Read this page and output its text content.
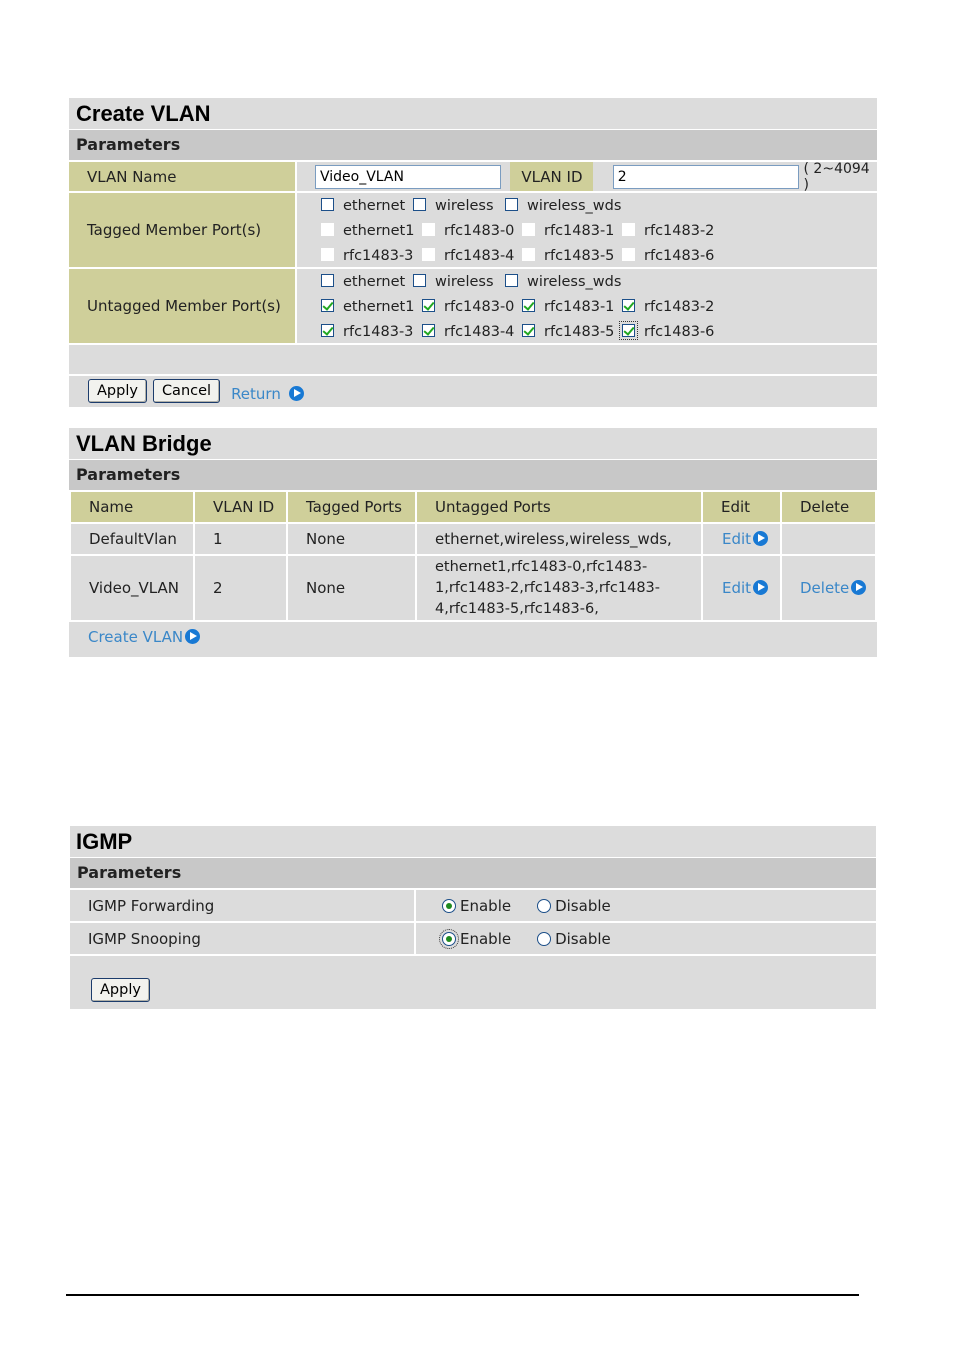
Create VLAN
Parameters
VLAN Name	Video_VLAN	VLAN ID	2	( 2~4094 )
Tagged Member Port(s)
ethernet wireless wireless_wds
ethernet1 rfc1483-0 rfc1483-1 rfc1483-2
rfc1483-3 rfc1483-4 rfc1483-5 rfc1483-6
Untagged Member Port(s)
ethernet wireless wireless_wds
ethernet1 rfc1483-0 rfc1483-1 rfc1483-2
rfc1483-3 rfc1483-4 rfc1483-5 rfc1483-6
Apply	Cancel	Return
VLAN Bridge
Parameters
Name	VLAN ID	Tagged Ports	Untagged Ports	Edit	Delete
DefaultVlan	1	None	ethernet,wireless,wireless_wds,	Edit	
Video_VLAN	2	None	ethernet1,rfc1483-0,rfc1483-
1,rfc1483-2,rfc1483-3,rfc1483-
4,rfc1483-5,rfc1483-6,	Edit	Delete
Create VLAN
IGMP
Parameters
IGMP Forwarding	Enable	Disable
IGMP Snooping	Enable	Disable
Apply
